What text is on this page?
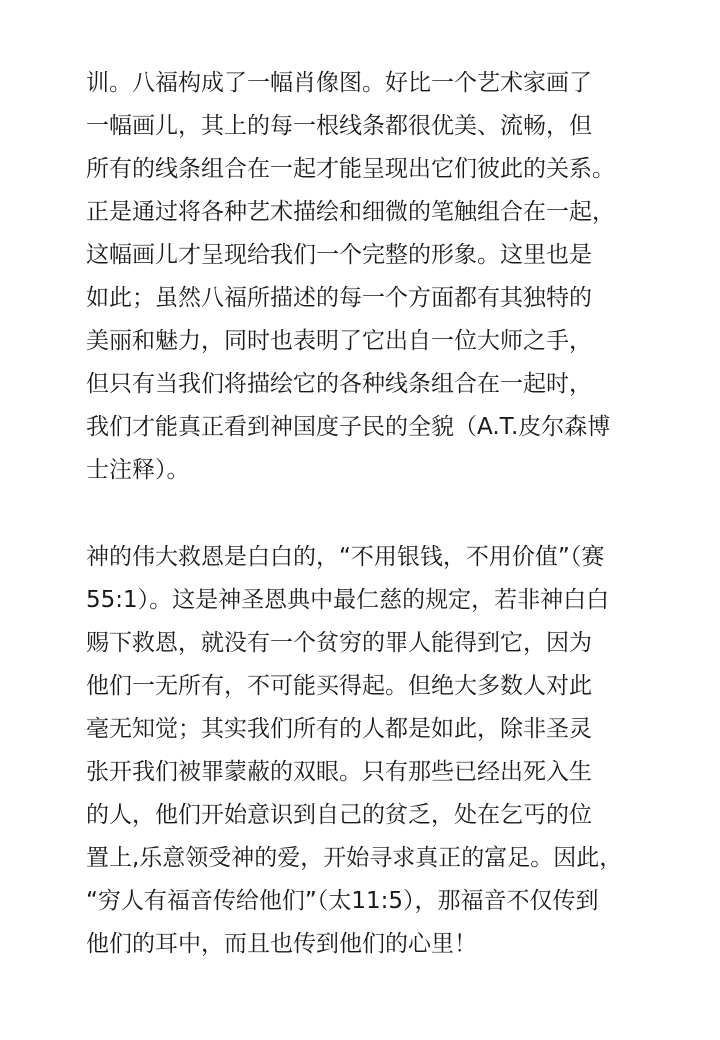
训。八福构成了一幅肖像图。好比一个艺术家画了
一幅画儿，其上的每一根线条都很优美、流畅，但
所有的线条组合在一起才能呈现出它们彼此的关系。
正是通过将各种艺术描绘和细微的笔触组合在一起，
这幅画儿才呈现给我们一个完整的形象。这里也是
如此；虽然八福所描述的每一个方面都有其独特的
美丽和魅力，同时也表明了它出自一位大师之手，
但只有当我们将描绘它的各种线条组合在一起时，
我们才能真正看到神国度子民的全貌（A.T.皮尔森博
士注释）。
神的伟大救恩是白白的，“不用银钱，不用价值”（赛
55:1）。这是神圣恩典中最仁慈的规定，若非神白白
赐下救恩，就没有一个贫穷的罪人能得到它，因为
他们一无所有，不可能买得起。但绝大多数人对此
毫无知觉；其实我们所有的人都是如此，除非圣灵
张开我们被罪蒙蔽的双眼。只有那些已经出死入生
的人，他们开始意识到自己的贫乏，处在乞丐的位
置上,乐意领受神的爱，开始寻求真正的富足。因此，
“穷人有福音传给他们”（太11:5），那福音不仅传到
他们的耳中，而且也传到他们的心里！
